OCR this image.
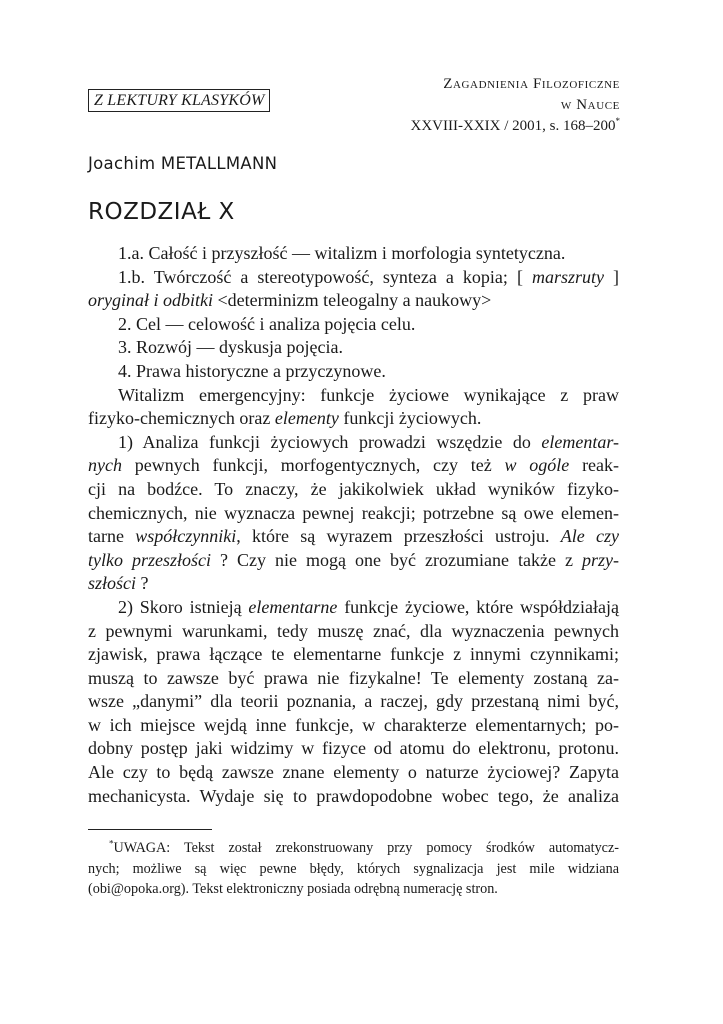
Z LEKTURY KLASYKÓW
Zagadnienia Filozoficzne
w Nauce
XXVIII-XXIX / 2001, s. 168–200*
Joachim METALLMANN
ROZDZIAŁ X
1.a. Całość i przyszłość — witalizm i morfologia syntetyczna.
1.b. Twórczość a stereotypowość, synteza a kopia; [ marszruty ]
oryginał i odbitki <determinizm teleogalny a naukowy>
2. Cel — celowość i analiza pojęcia celu.
3. Rozwój — dyskusja pojęcia.
4. Prawa historyczne a przyczynowe.
Witalizm emergencyjny: funkcje życiowe wynikające z praw
fizyko-chemicznych oraz elementy funkcji życiowych.
1) Analiza funkcji życiowych prowadzi wszędzie do elementar-
nych pewnych funkcji, morfogentycznych, czy też w ogóle reak-
cji na bodźce. To znaczy, że jakikolwiek układ wyników fizyko-
chemicznych, nie wyznacza pewnej reakcji; potrzebne są owe elemen-
tarne współczynniki, które są wyrazem przeszłości ustroju. Ale czy
tylko przeszłości ? Czy nie mogą one być zrozumiane także z przy-
szłości ?
2) Skoro istnieją elementarne funkcje życiowe, które współdziałają
z pewnymi warunkami, tedy muszę znać, dla wyznaczenia pewnych
zjawisk, prawa łączące te elementarne funkcje z innymi czynnikami;
muszą to zawsze być prawa nie fizykalne! Te elementy zostaną za-
wsze „danymi” dla teorii poznania, a raczej, gdy przestaną nimi być,
w ich miejsce wejdą inne funkcje, w charakterze elementarnych; po-
dobny postęp jaki widzimy w fizyce od atomu do elektronu, protonu.
Ale czy to będą zawsze znane elementy o naturze życiowej? Zapyta
mechanicysta. Wydaje się to prawdopodobne wobec tego, że analiza
*UWAGA: Tekst został zrekonstruowany przy pomocy środków automatycz-
nych; możliwe są więc pewne błędy, których sygnalizacja jest mile widziana
(obi@opoka.org). Tekst elektroniczny posiada odrębną numerację stron.
